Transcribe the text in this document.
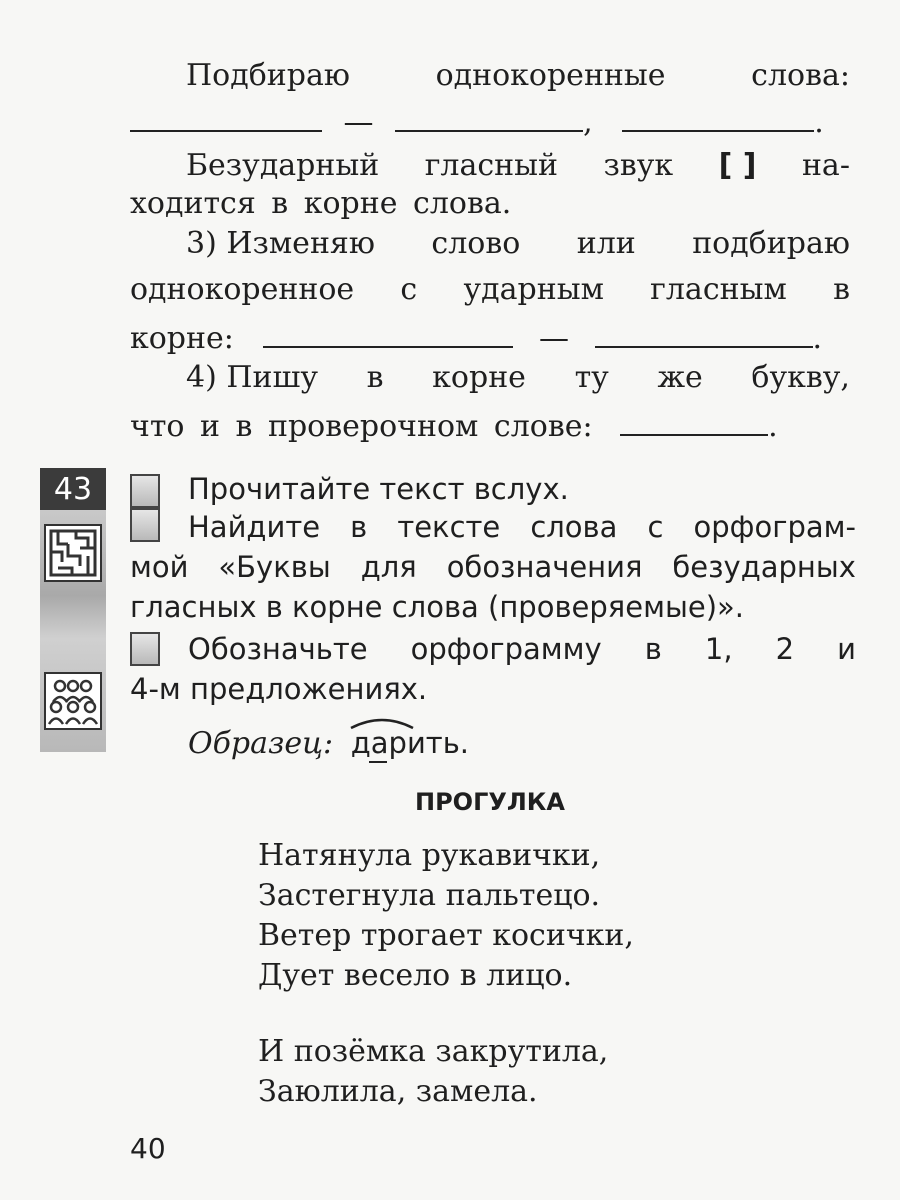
Подбираю	однокоренные	слова:
—	,	.
Безударный гласный звук [ ] на-
ходится в корне слова.
3) Изменяю слово или подбираю
однокоренное с ударным гласным в
корне:	—	.
4) Пишу в корне ту же букву,
что и в проверочном слове:	.
43	Прочитайте текст вслух.
Найдите в тексте слова с орфограм-
мой «Буквы для обозначения безударных
гласных в корне слова (проверяемые)».
Обозначьте орфограмму в 1, 2 и
4-м предложениях.
Образец: дарить.
ПРОГУЛКА
Натянула рукавички,
Застегнула пальтецо.
Ветер трогает косички,
Дует весело в лицо.
И позёмка закрутила,
Заюлила, замела.
40
